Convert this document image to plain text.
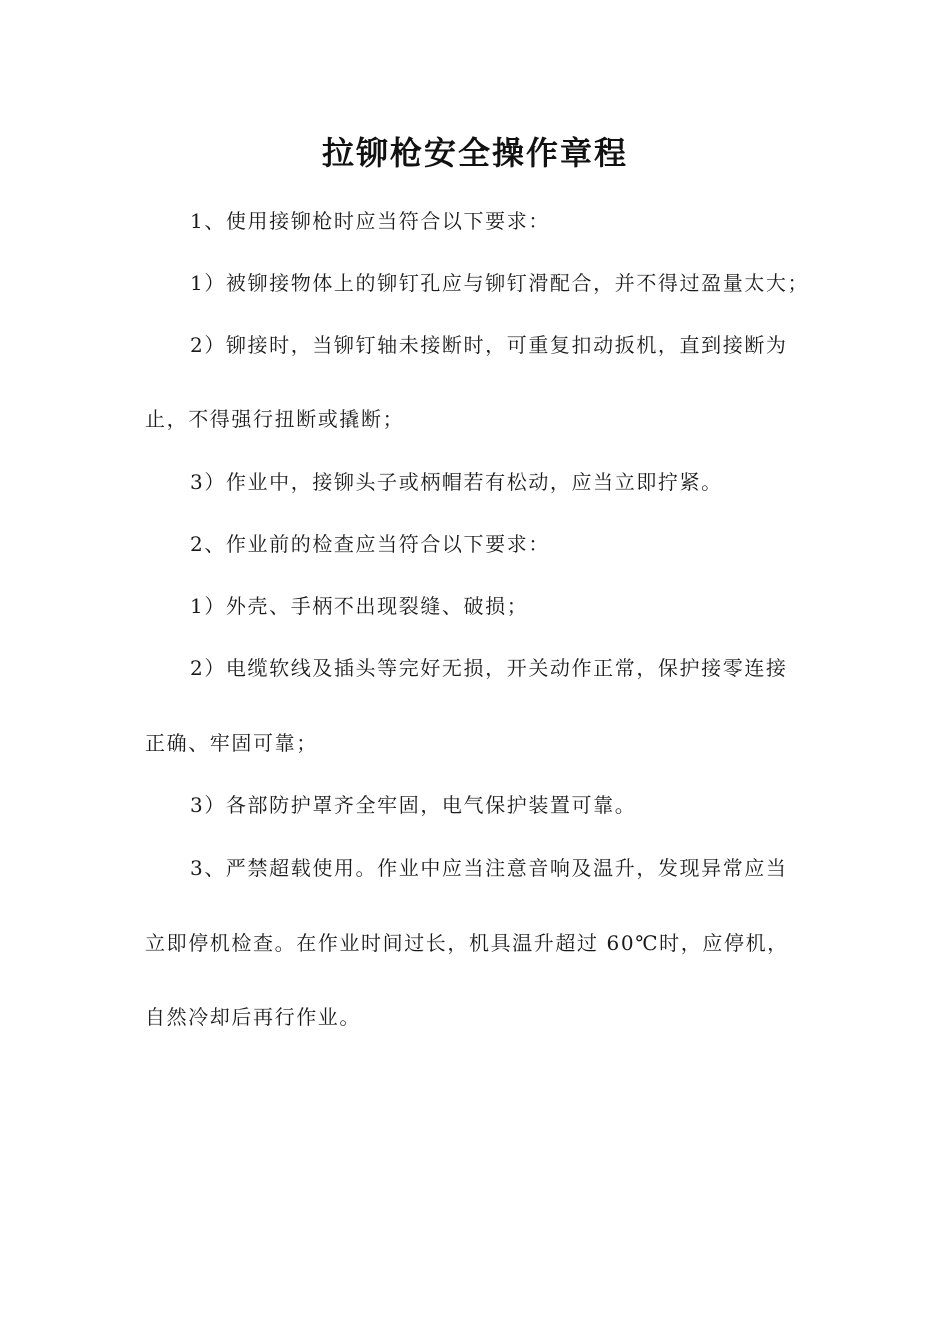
拉铆枪安全操作章程
1、使用接铆枪时应当符合以下要求：
1）被铆接物体上的铆钉孔应与铆钉滑配合，并不得过盈量太大；
2）铆接时，当铆钉轴未接断时，可重复扣动扳机，直到接断为
止，不得强行扭断或撬断；
3）作业中，接铆头子或柄帽若有松动，应当立即拧紧。
2、作业前的检查应当符合以下要求：
1）外壳、手柄不出现裂缝、破损；
2）电缆软线及插头等完好无损，开关动作正常，保护接零连接
正确、牢固可靠；
3）各部防护罩齐全牢固，电气保护装置可靠。
3、严禁超载使用。作业中应当注意音响及温升，发现异常应当
立即停机检查。在作业时间过长，机具温升超过 60℃时，应停机，
自然冷却后再行作业。
